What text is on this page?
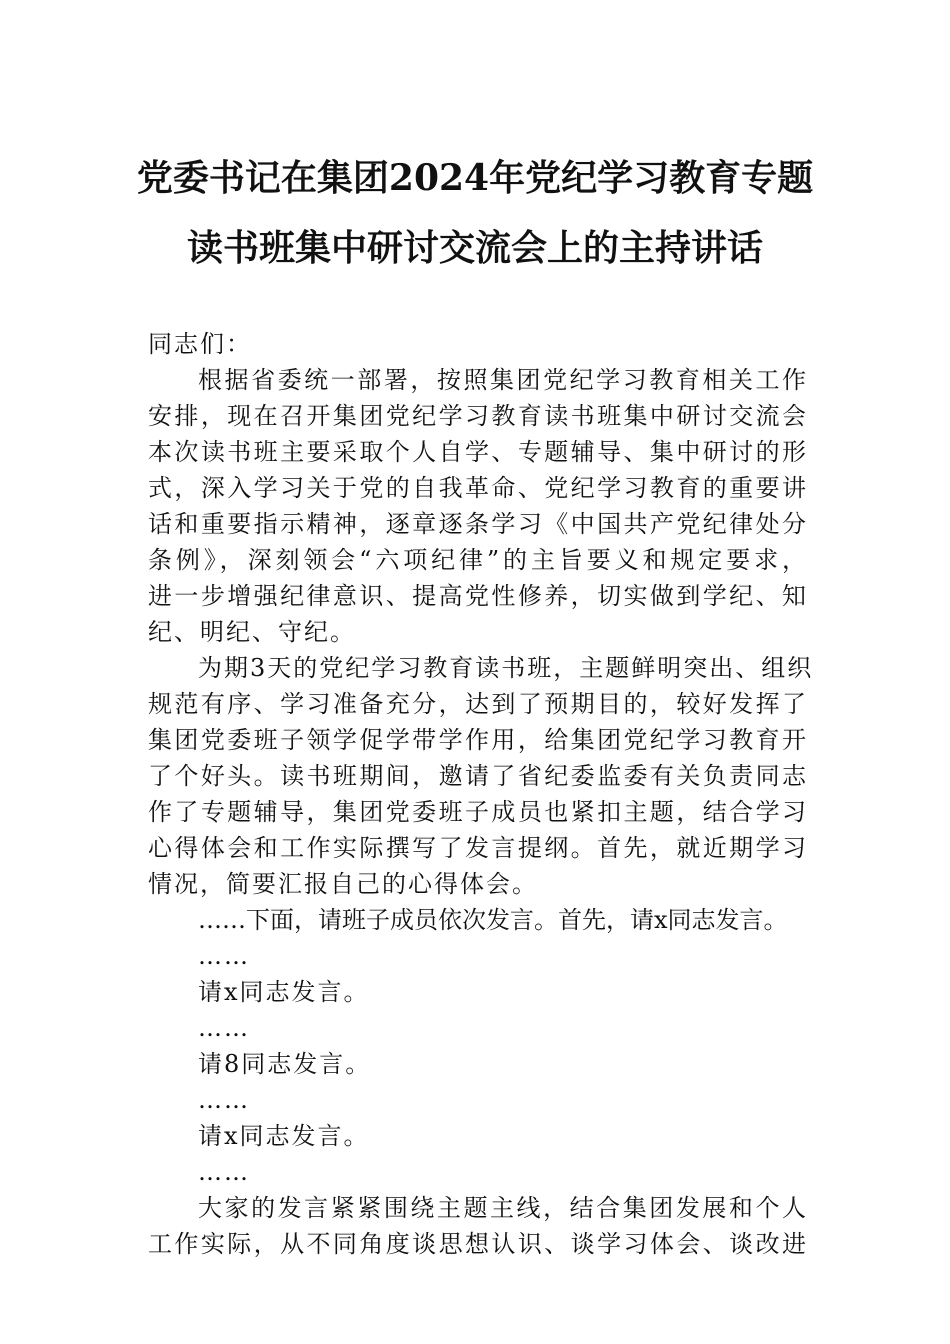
党委书记在集团2024年党纪学习教育专题
读书班集中研讨交流会上的主持讲话
同志们：
根据省委统一部署，按照集团党纪学习教育相关工作
安排，现在召开集团党纪学习教育读书班集中研讨交流会
本次读书班主要采取个人自学、专题辅导、集中研讨的形
式，深入学习关于党的自我革命、党纪学习教育的重要讲
话和重要指示精神，逐章逐条学习《中国共产党纪律处分
条例》，深刻领会“六项纪律”的主旨要义和规定要求，
进一步增强纪律意识、提高党性修养，切实做到学纪、知
纪、明纪、守纪。
为期3天的党纪学习教育读书班，主题鲜明突出、组织
规范有序、学习准备充分，达到了预期目的，较好发挥了
集团党委班子领学促学带学作用，给集团党纪学习教育开
了个好头。读书班期间，邀请了省纪委监委有关负责同志
作了专题辅导，集团党委班子成员也紧扣主题，结合学习
心得体会和工作实际撰写了发言提纲。首先，就近期学习
情况，简要汇报自己的心得体会。
……下面，请班子成员依次发言。首先，请x同志发言。
……
请x同志发言。
……
请8同志发言。
……
请x同志发言。
……
大家的发言紧紧围绕主题主线，结合集团发展和个人
工作实际，从不同角度谈思想认识、谈学习体会、谈改进
